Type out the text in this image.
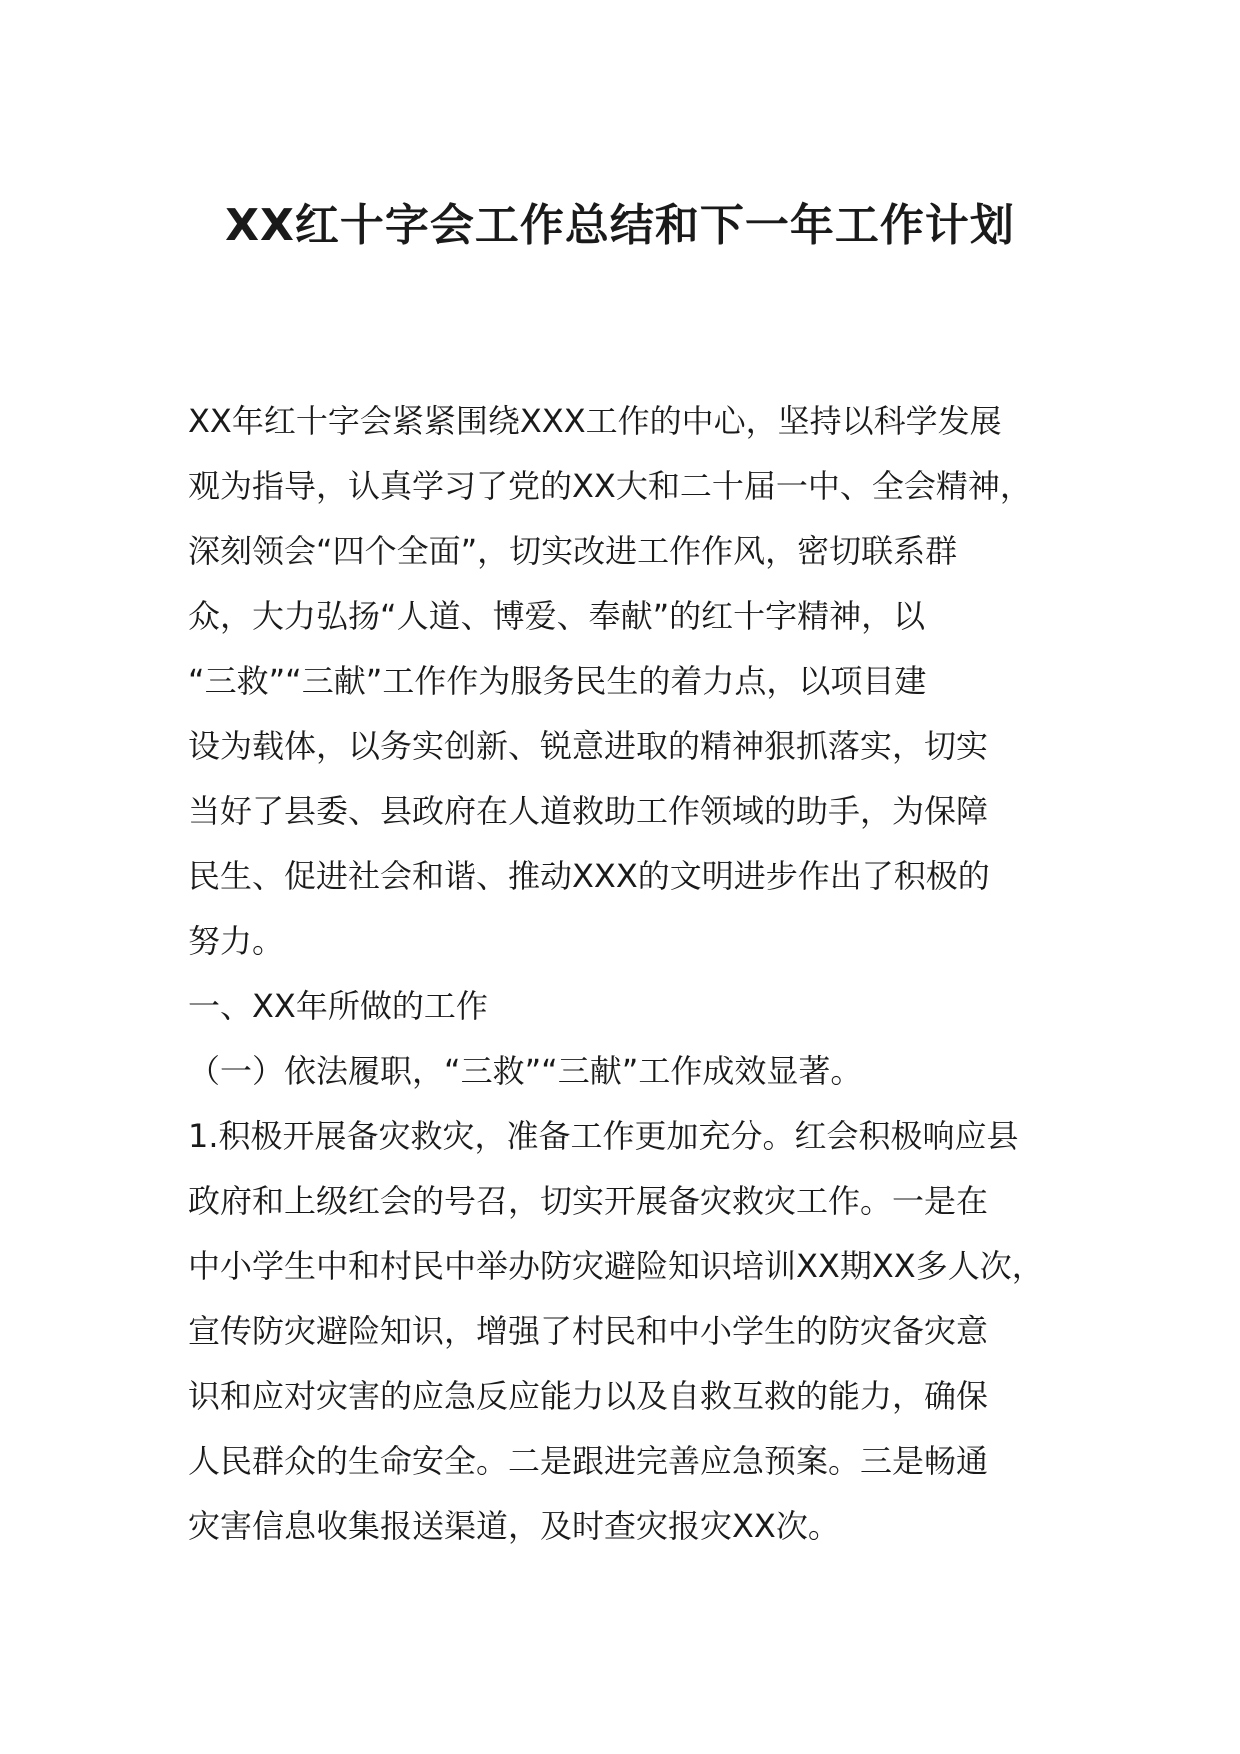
XX红十字会工作总结和下一年工作计划
XX年红十字会紧紧围绕XXX工作的中心，坚持以科学发展
观为指导，认真学习了党的XX大和二十届一中、全会精神，
深刻领会“四个全面”，切实改进工作作风，密切联系群
众，大力弘扬“人道、博爱、奉献”的红十字精神，以
“三救”“三献”工作作为服务民生的着力点，以项目建
设为载体，以务实创新、锐意进取的精神狠抓落实，切实
当好了县委、县政府在人道救助工作领域的助手，为保障
民生、促进社会和谐、推动XXX的文明进步作出了积极的
努力。
一、XX年所做的工作
（一）依法履职，“三救”“三献”工作成效显著。
1.积极开展备灾救灾，准备工作更加充分。红会积极响应县
政府和上级红会的号召，切实开展备灾救灾工作。一是在
中小学生中和村民中举办防灾避险知识培训XX期XX多人次，
宣传防灾避险知识，增强了村民和中小学生的防灾备灾意
识和应对灾害的应急反应能力以及自救互救的能力，确保
人民群众的生命安全。二是跟进完善应急预案。三是畅通
灾害信息收集报送渠道，及时查灾报灾XX次。
